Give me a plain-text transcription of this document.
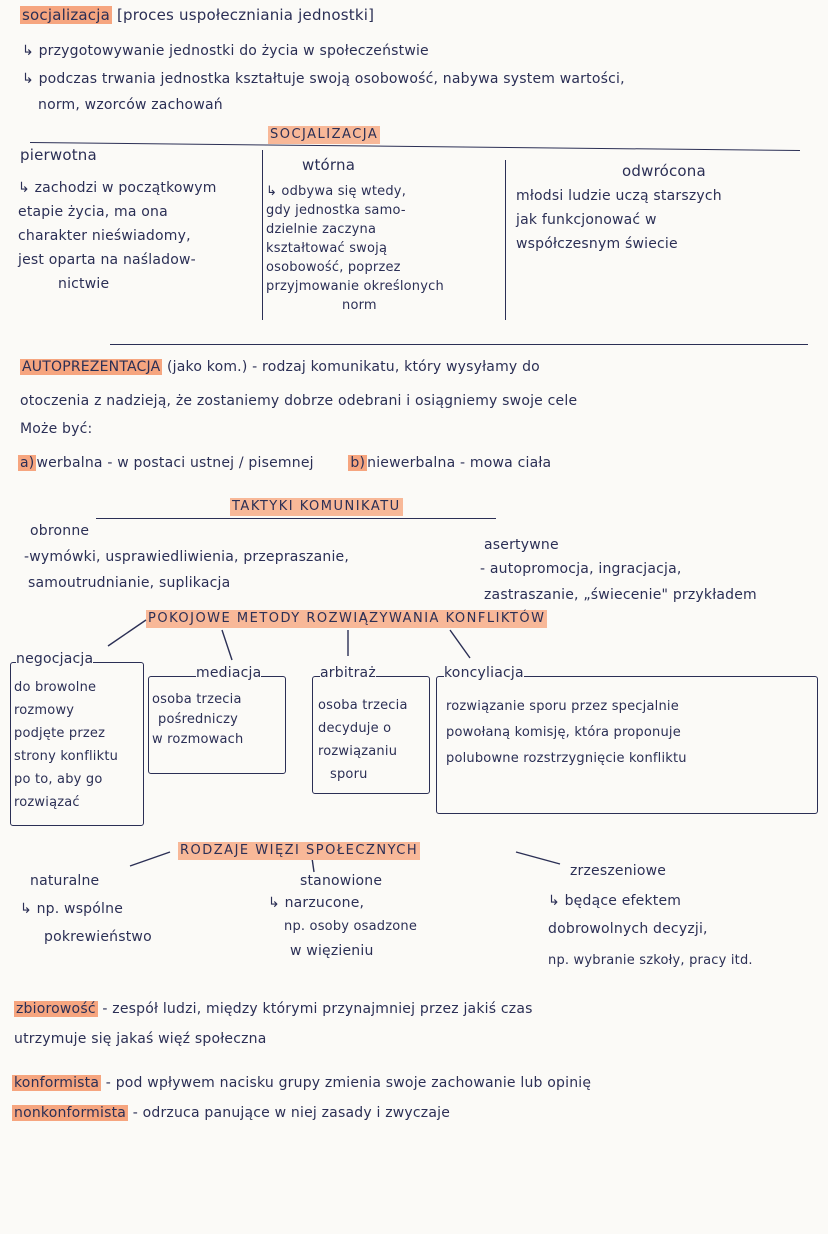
socjalizacja [proces uspołeczniania jednostki]
↳ przygotowywanie jednostki do życia w społeczeństwie
↳ podczas trwania jednostka kształtuje swoją osobowość, nabywa system wartości,
norm, wzorców zachowań
SOCJALIZACJA
pierwotna
↳ zachodzi w początkowym
etapie życia, ma ona
charakter nieświadomy,
jest oparta na naśladow-
nictwie
wtórna
↳ odbywa się wtedy,
gdy jednostka samo-
dzielnie zaczyna
kształtować swoją
osobowość, poprzez
przyjmowanie określonych
norm
odwrócona
młodsi ludzie uczą starszych
jak funkcjonować w
współczesnym świecie
AUTOPREZENTACJA (jako kom.) - rodzaj komunikatu, który wysyłamy do
otoczenia z nadzieją, że zostaniemy dobrze odebrani i osiągniemy swoje cele
Może być:
a) werbalna - w postaci ustnej / pisemnej	b) niewerbalna - mowa ciała
TAKTYKI KOMUNIKATU
obronne
-wymówki, usprawiedliwienia, przepraszanie,
samoutrudnianie, suplikacja
asertywne
- autopromocja, ingracjacja,
zastraszanie, „świecenie" przykładem
POKOJOWE METODY ROZWIĄZYWANIA KONFLIKTÓW
negocjacja
do browolne
rozmowy
podjęte przez
strony konfliktu
po to, aby go
rozwiązać
mediacja
osoba trzecia
pośredniczy
w rozmowach
arbitraż
osoba trzecia
decyduje o
rozwiązaniu
sporu
koncyliacja
rozwiązanie sporu przez specjalnie
powołaną komisję, która proponuje
polubowne rozstrzygnięcie konfliktu
RODZAJE WIĘZI SPOŁECZNYCH
naturalne
↳ np. wspólne
pokrewieństwo
stanowione
↳ narzucone,
np. osoby osadzone
w więzieniu
zrzeszeniowe
↳ będące efektem
dobrowolnych decyzji,
np. wybranie szkoły, pracy itd.
zbiorowość - zespół ludzi, między którymi przynajmniej przez jakiś czas
utrzymuje się jakaś więź społeczna
konformista - pod wpływem nacisku grupy zmienia swoje zachowanie lub opinię
nonkonformista - odrzuca panujące w niej zasady i zwyczaje
